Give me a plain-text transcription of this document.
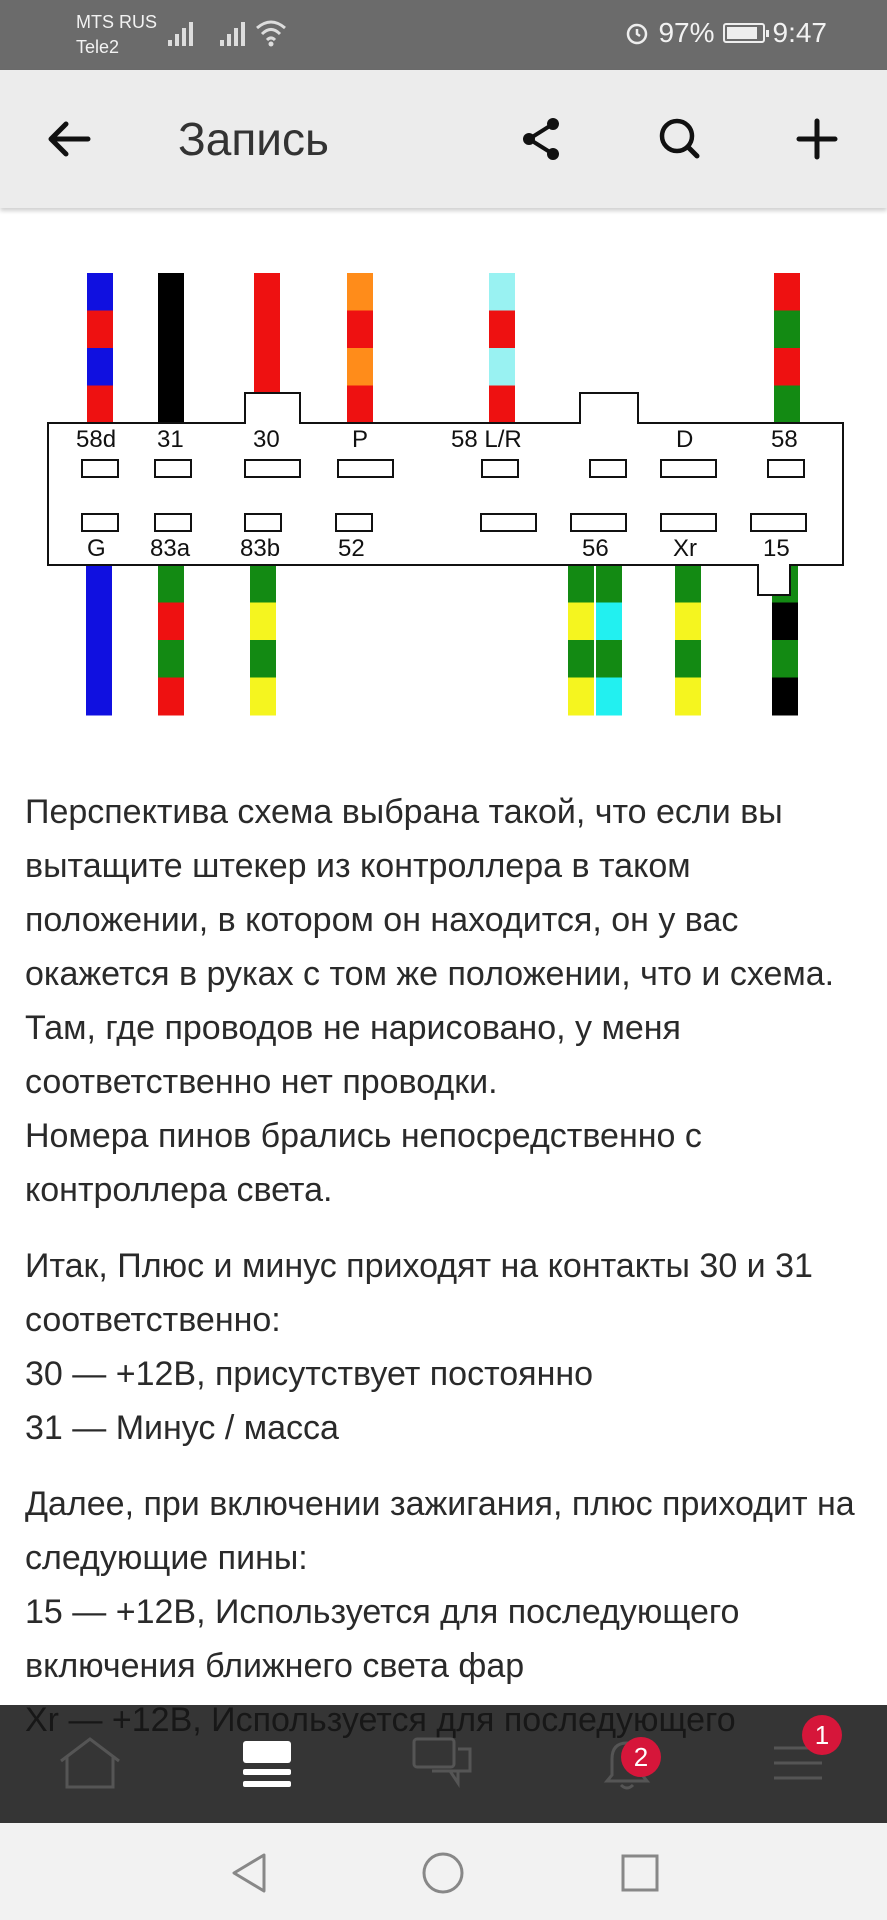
MTS RUS
Tele2	97% 9:47
Запись
58d 31	30	P	58 L/R	D	58
G 83a 83b 52	56	Xr	15

Перспектива схема выбрана такой, что если вы вытащите штекер из контроллера в таком положении, в котором он находится, он у вас окажется в руках с том же положении, что и схема.
Там, где проводов не нарисовано, у меня соответственно нет проводки.
Номера пинов брались непосредственно с контроллера света.

Итак, Плюс и минус приходят на контакты 30 и 31 соответственно:
30 — +12В, присутствует постоянно
31 — Минус / масса

Далее, при включении зажигания, плюс приходит на следующие пины:
15 — +12В, Используется для последующего включения ближнего света фар

2
1
